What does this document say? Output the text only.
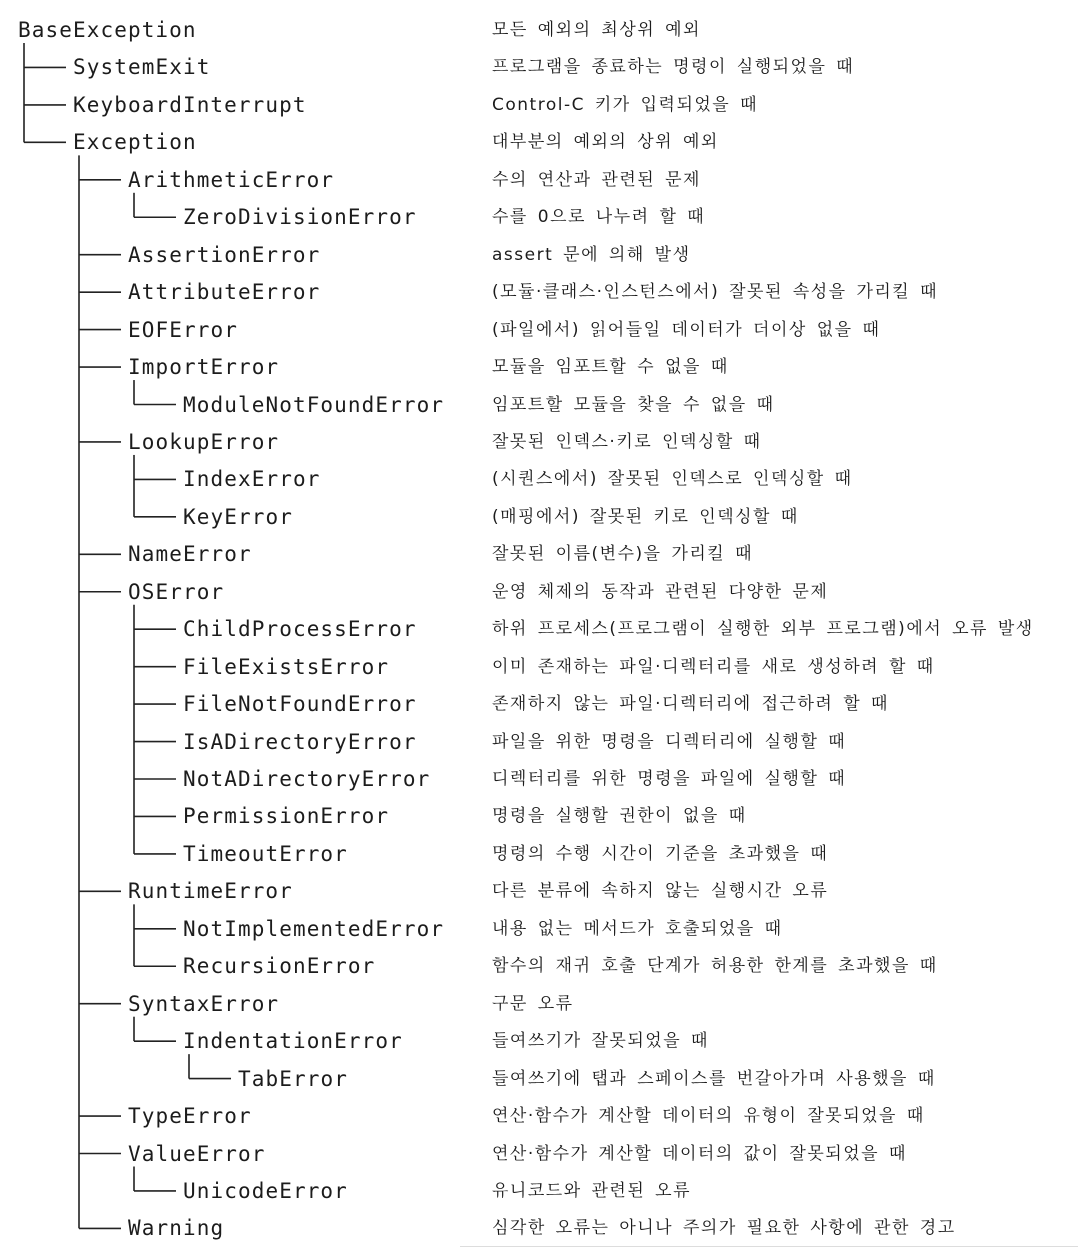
BaseException	모든 예외의 최상위 예외
SystemExit	프로그램을 종료하는 명령이 실행되었을 때
KeyboardInterrupt	Control-C 키가 입력되었을 때
Exception	대부분의 예외의 상위 예외
ArithmeticError	수의 연산과 관련된 문제
ZeroDivisionError	수를 0으로 나누려 할 때
AssertionError	assert 문에 의해 발생
AttributeError	(모듈·클래스·인스턴스에서) 잘못된 속성을 가리킬 때
EOFError	(파일에서) 읽어들일 데이터가 더이상 없을 때
ImportError	모듈을 임포트할 수 없을 때
ModuleNotFoundError	임포트할 모듈을 찾을 수 없을 때
LookupError	잘못된 인덱스·키로 인덱싱할 때
IndexError	(시퀀스에서) 잘못된 인덱스로 인덱싱할 때
KeyError	(매핑에서) 잘못된 키로 인덱싱할 때
NameError	잘못된 이름(변수)을 가리킬 때
OSError	운영 체제의 동작과 관련된 다양한 문제
ChildProcessError	하위 프로세스(프로그램이 실행한 외부 프로그램)에서 오류 발생
FileExistsError	이미 존재하는 파일·디렉터리를 새로 생성하려 할 때
FileNotFoundError	존재하지 않는 파일·디렉터리에 접근하려 할 때
IsADirectoryError	파일을 위한 명령을 디렉터리에 실행할 때
NotADirectoryError	디렉터리를 위한 명령을 파일에 실행할 때
PermissionError	명령을 실행할 권한이 없을 때
TimeoutError	명령의 수행 시간이 기준을 초과했을 때
RuntimeError	다른 분류에 속하지 않는 실행시간 오류
NotImplementedError	내용 없는 메서드가 호출되었을 때
RecursionError	함수의 재귀 호출 단계가 허용한 한계를 초과했을 때
SyntaxError	구문 오류
IndentationError	들여쓰기가 잘못되었을 때
TabError	들여쓰기에 탭과 스페이스를 번갈아가며 사용했을 때
TypeError	연산·함수가 계산할 데이터의 유형이 잘못되었을 때
ValueError	연산·함수가 계산할 데이터의 값이 잘못되었을 때
UnicodeError	유니코드와 관련된 오류
Warning	심각한 오류는 아니나 주의가 필요한 사항에 관한 경고
